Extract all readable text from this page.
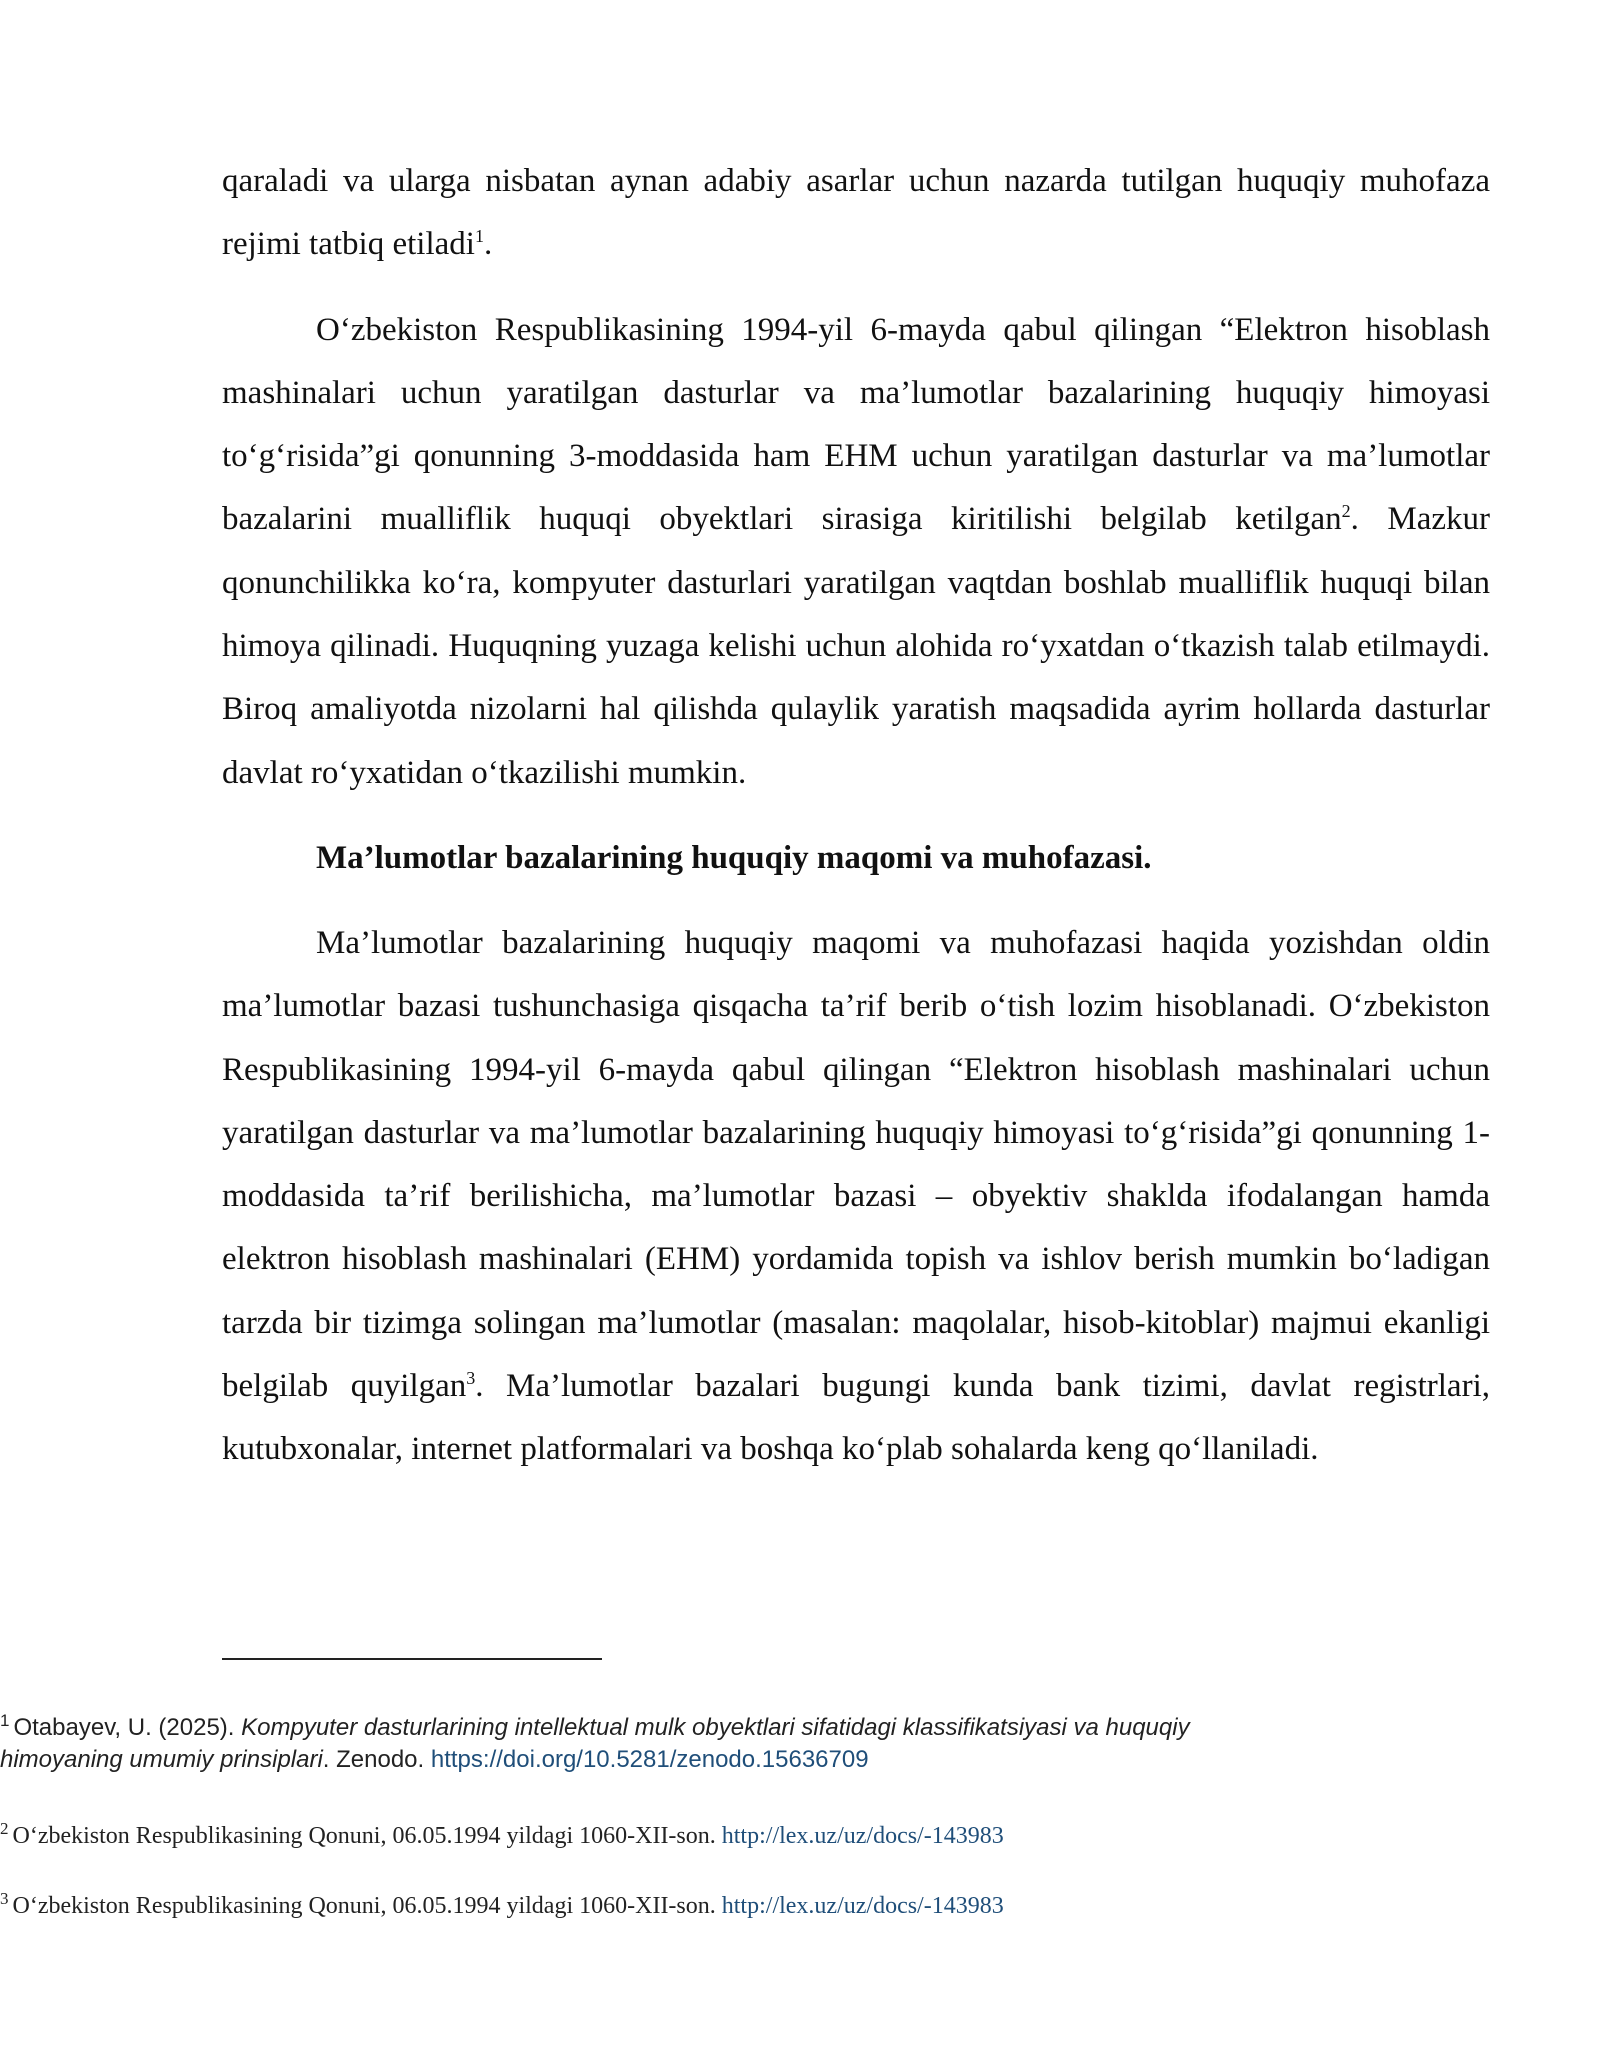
qaraladi va ularga nisbatan aynan adabiy asarlar uchun nazarda tutilgan huquqiy muhofaza rejimi tatbiq etiladi$^1$.

O‘zbekiston Respublikasining 1994-yil 6-mayda qabul qilingan “Elektron hisoblash mashinalari uchun yaratilgan dasturlar va ma’lumotlar bazalarining huquqiy himoyasi to‘g‘risida”gi qonunning 3-moddasida ham EHM uchun yaratilgan dasturlar va ma’lumotlar bazalarini mualliflik huquqi obyektlari sirasiga kiritilishi belgilab ketilgan$^2$. Mazkur qonunchilikka ko‘ra, kompyuter dasturlari yaratilgan vaqtdan boshlab mualliflik huquqi bilan himoya qilinadi. Huquqning yuzaga kelishi uchun alohida ro‘yxatdan o‘tkazish talab etilmaydi. Biroq amaliyotda nizolarni hal qilishda qulaylik yaratish maqsadida ayrim hollarda dasturlar davlat ro‘yxatidan o‘tkazilishi mumkin.

Ma’lumotlar bazalarining huquqiy maqomi va muhofazasi.

Ma’lumotlar bazalarining huquqiy maqomi va muhofazasi haqida yozishdan oldin ma’lumotlar bazasi tushunchasiga qisqacha ta’rif berib o‘tish lozim hisoblanadi. O‘zbekiston Respublikasining 1994-yil 6-mayda qabul qilingan “Elektron hisoblash mashinalari uchun yaratilgan dasturlar va ma’lumotlar bazalarining huquqiy himoyasi to‘g‘risida”gi qonunning 1-moddasida ta’rif berilishicha, ma’lumotlar bazasi – obyektiv shaklda ifodalangan hamda elektron hisoblash mashinalari (EHM) yordamida topish va ishlov berish mumkin bo‘ladigan tarzda bir tizimga solingan ma’lumotlar (masalan: maqolalar, hisob-kitoblar) majmui ekanligi belgilab quyilgan$^3$. Ma’lumotlar bazalari bugungi kunda bank tizimi, davlat registrlari, kutubxonalar, internet platformalari va boshqa ko‘plab sohalarda keng qo‘llaniladi.

$^1$ Otabayev, U. (2025). Kompyuter dasturlarining intellektual mulk obyektlari sifatidagi klassifikatsiyasi va huquqiy himoyaning umumiy prinsiplari. Zenodo. https://doi.org/10.5281/zenodo.15636709
$^2$ O‘zbekiston Respublikasining Qonuni, 06.05.1994 yildagi 1060-XII-son. http://lex.uz/uz/docs/-143983
$^3$ O‘zbekiston Respublikasining Qonuni, 06.05.1994 yildagi 1060-XII-son. http://lex.uz/uz/docs/-143983
